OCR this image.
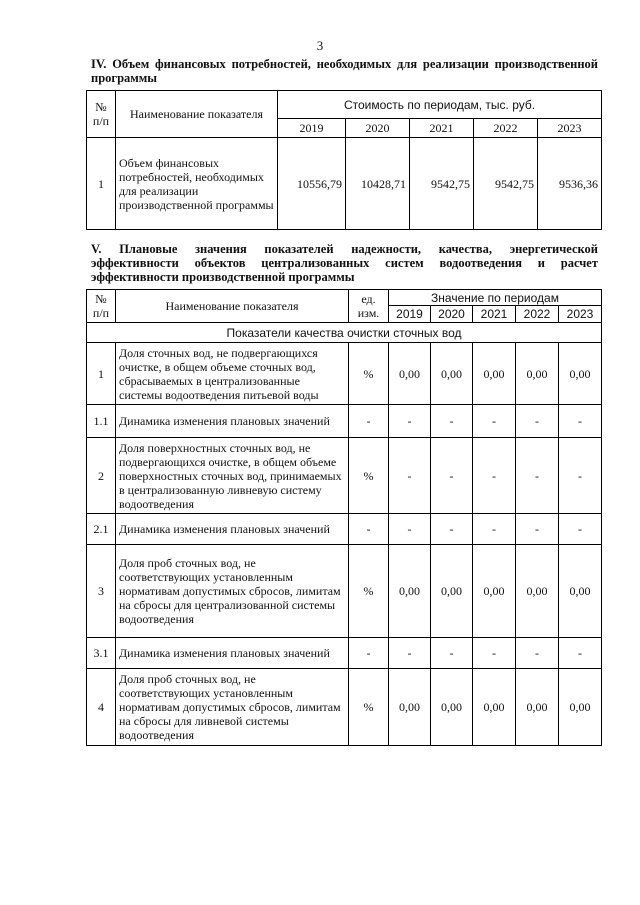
3
IV. Объем финансовых потребностей, необходимых для реализации производственной программы
№ п/п	Наименование показателя	Стоимость по периодам, тыс. руб.				
		2019	2020	2021	2022	2023
1	Объем финансовых потребностей, необходимых для реализации производственной программы	10556,79	10428,71	9542,75	9542,75	9536,36
V. Плановые значения показателей надежности, качества, энергетической эффективности объектов централизованных систем водоотведения и расчет эффективности производственной программы
№ п/п	Наименование показателя	ед. изм.	Значение по периодам				
			2019	2020	2021	2022	2023
Показатели качества очистки сточных вод							
1	Доля сточных вод, не подвергающихся очистке, в общем объеме сточных вод, сбрасываемых в централизованные системы водоотведения питьевой воды	%	0,00	0,00	0,00	0,00	0,00
1.1	Динамика изменения плановых значений	-	-	-	-	-	-
2	Доля поверхностных сточных вод, не подвергающихся очистке, в общем объеме поверхностных сточных вод, принимаемых в централизованную ливневую систему водоотведения	%	-	-	-	-	-
2.1	Динамика изменения плановых значений	-	-	-	-	-	-
3	Доля проб сточных вод, не соответствующих установленным нормативам допустимых сбросов, лимитам на сбросы для централизованной системы водоотведения	%	0,00	0,00	0,00	0,00	0,00
3.1	Динамика изменения плановых значений	-	-	-	-	-	-
4	Доля проб сточных вод, не соответствующих установленным нормативам допустимых сбросов, лимитам на сбросы для ливневой системы водоотведения	%	0,00	0,00	0,00	0,00	0,00
